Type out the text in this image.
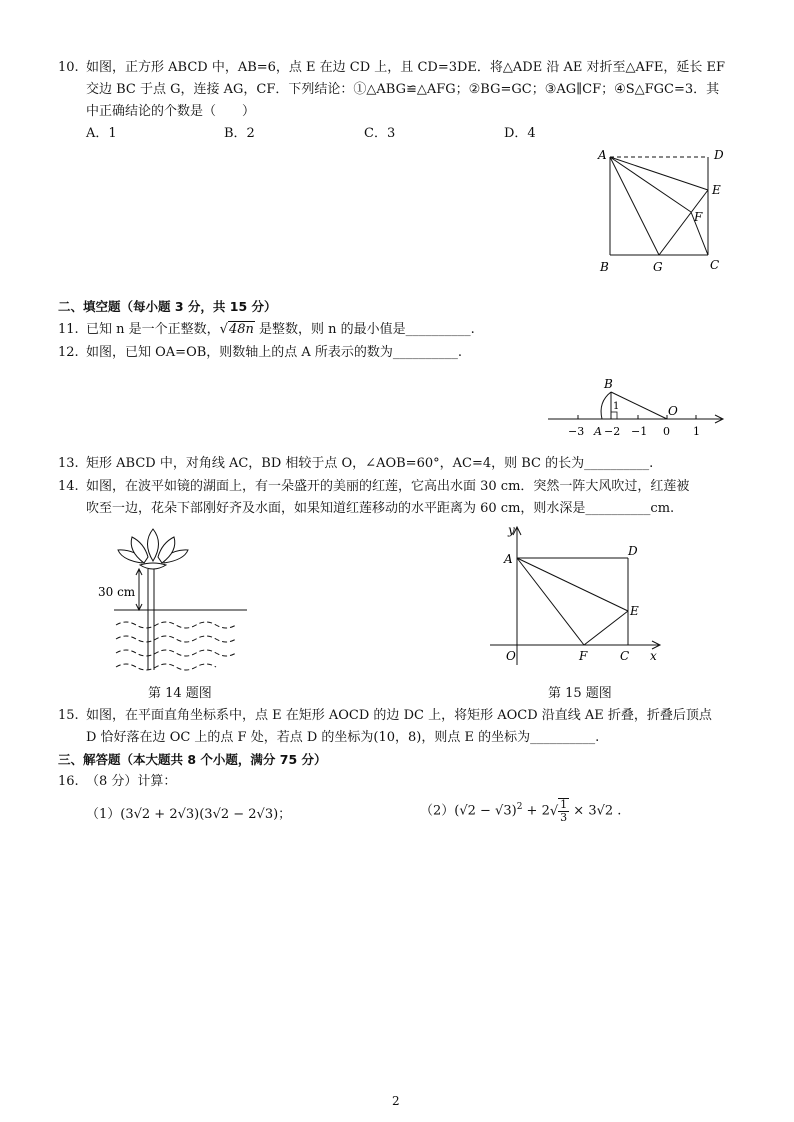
10. 如图，正方形 ABCD 中，AB=6，点 E 在边 CD 上，且 CD=3DE．将△ADE 沿 AE 对折至△AFE，延长 EF
交边 BC 于点 G，连接 AG，CF．下列结论：①△ABG≌△AFG；②BG=GC；③AG∥CF；④S△FGC=3．其
中正确结论的个数是（　　）
A．1	B．2	C．3	D．4
A	D
E
F
B	G	C
二、填空题（每小题 3 分，共 15 分）
11. 已知 n 是一个正整数，√48n 是整数，则 n 的最小值是__________.
12. 如图，已知 OA=OB，则数轴上的点 A 所表示的数为__________.
B
O
1
−3 A −2 −1 0 1
13. 矩形 ABCD 中，对角线 AC，BD 相较于点 O，∠AOB=60°，AC=4，则 BC 的长为__________.
14. 如图，在波平如镜的湖面上，有一朵盛开的美丽的红莲，它高出水面 30 cm．突然一阵大风吹过，红莲被
吹至一边，花朵下部刚好齐及水面，如果知道红莲移动的水平距离为 60 cm，则水深是__________cm.
30 cm
第 14 题图
y
A
D
E
O	F	C x
第 15 题图
15. 如图，在平面直角坐标系中，点 E 在矩形 AOCD 的边 DC 上，将矩形 AOCD 沿直线 AE 折叠，折叠后顶点
D 恰好落在边 OC 上的点 F 处，若点 D 的坐标为(10，8)，则点 E 的坐标为__________.
三、解答题（本大题共 8 个小题，满分 75 分）
16. （8 分）计算：
（1）(3√2 + 2√3)(3√2 − 2√3)；	$(2)(√2 - √3)^2 + 2√ \frac{1}{3} \times 3√2$ .
2
